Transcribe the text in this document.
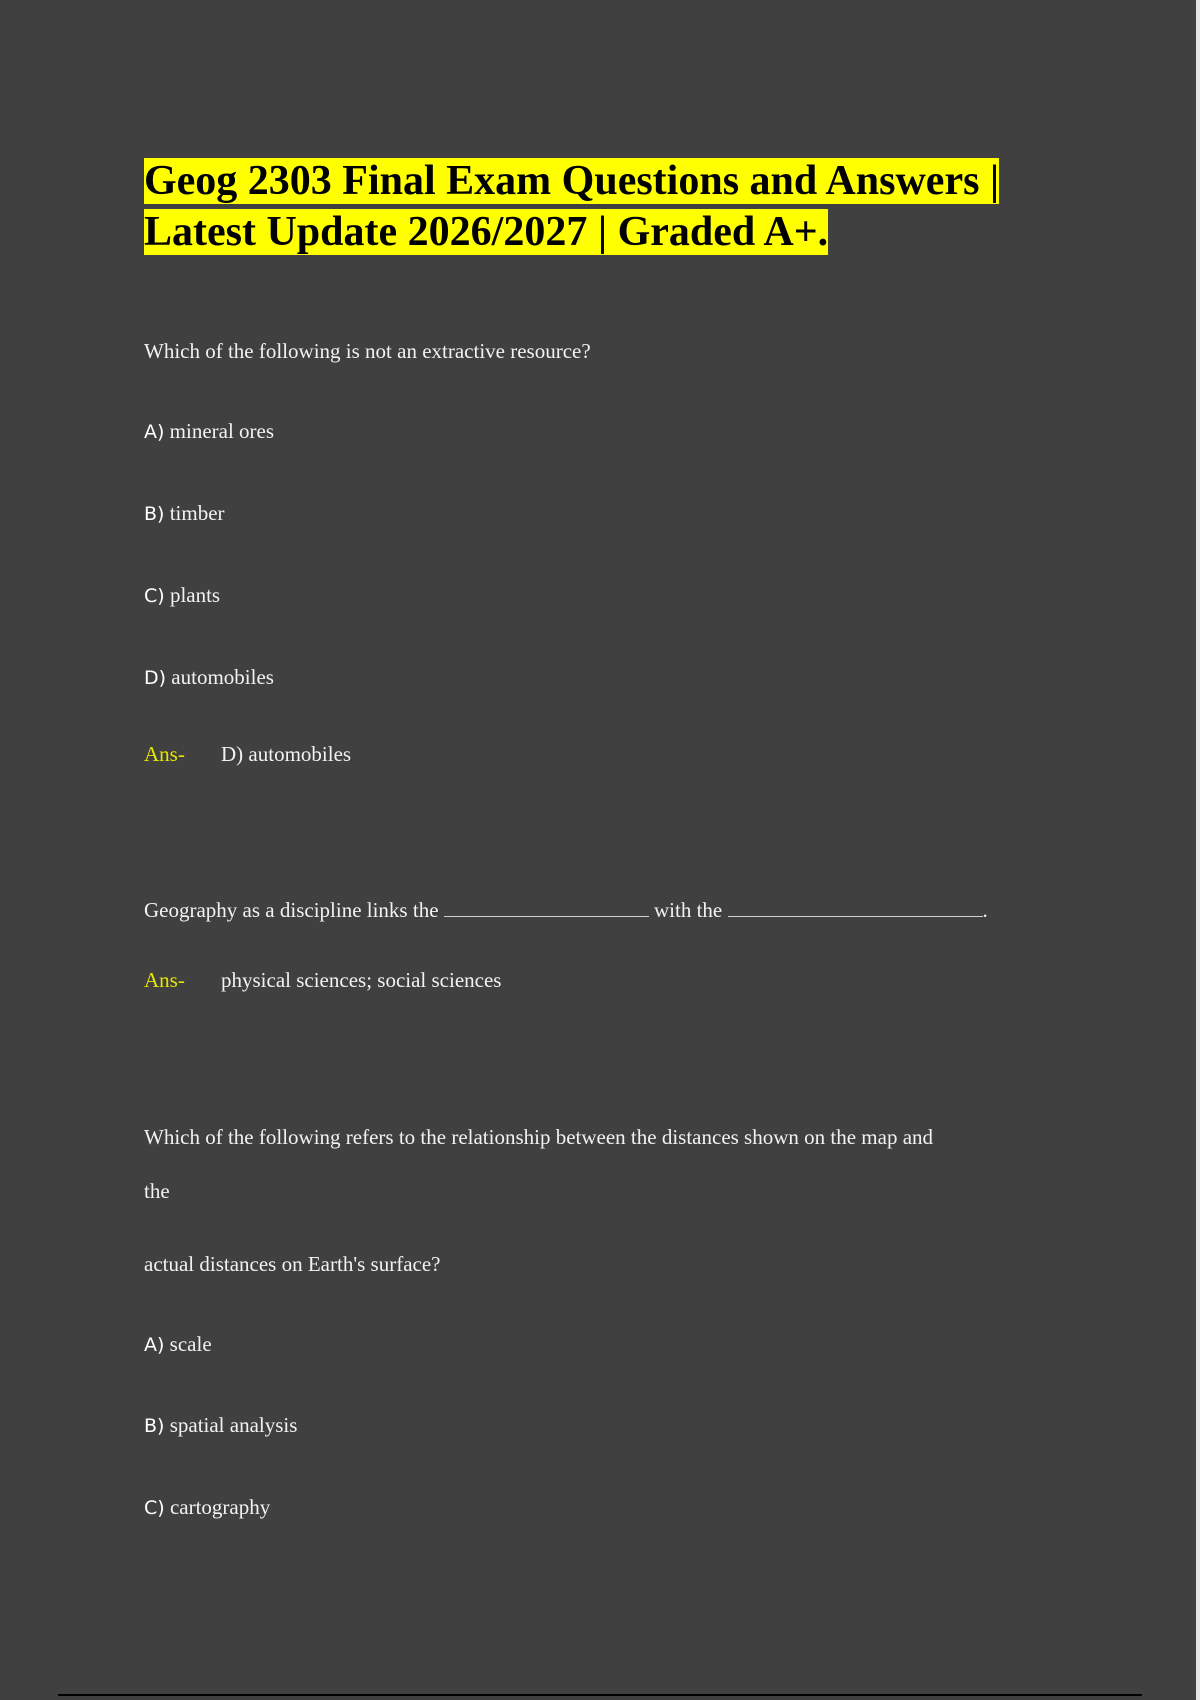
Geog 2303 Final Exam Questions and Answers | Latest Update 2026/2027 | Graded A+.

Which of the following is not an extractive resource?

A) mineral ores

B) timber

C) plants

D) automobiles

Ans- D) automobiles

Geography as a discipline links the	with the	.

Ans- physical sciences; social sciences

Which of the following refers to the relationship between the distances shown on the map and

the

actual distances on Earth's surface?

A) scale

B) spatial analysis

C) cartography
